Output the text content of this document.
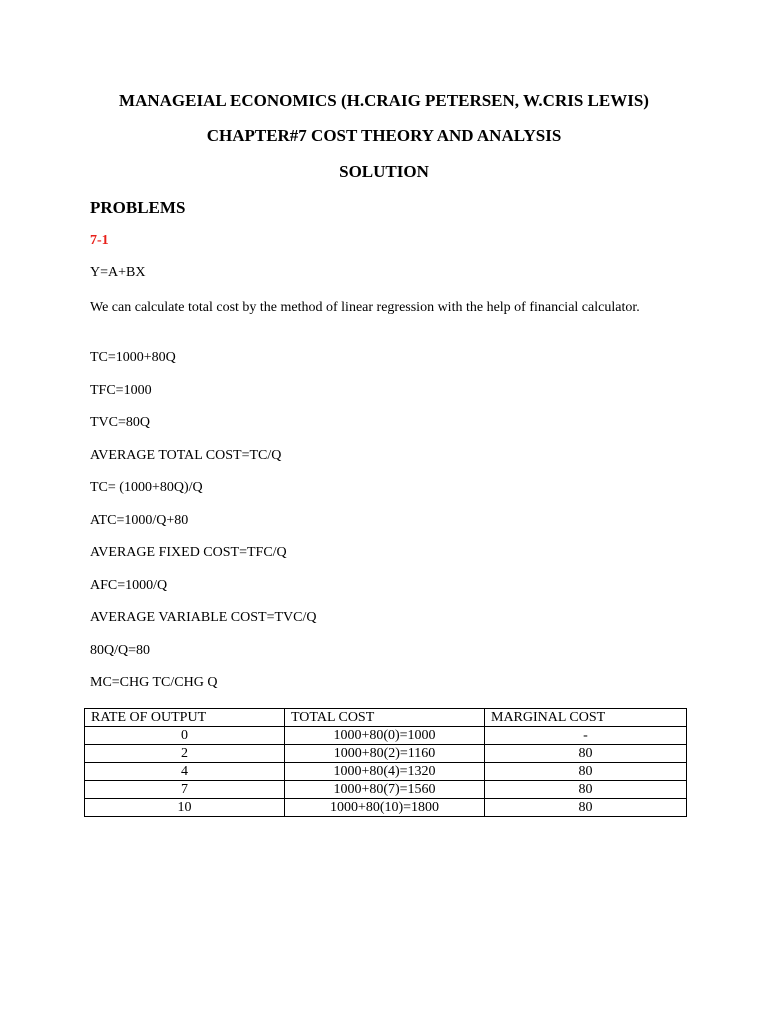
MANAGEIAL ECONOMICS (H.CRAIG PETERSEN, W.CRIS LEWIS)
CHAPTER#7 COST THEORY AND ANALYSIS
SOLUTION
PROBLEMS
7-1
Y=A+BX
We can calculate total cost by the method of linear regression with the help of financial calculator.
TC=1000+80Q
TFC=1000
TVC=80Q
AVERAGE TOTAL COST=TC/Q
TC= (1000+80Q)/Q
ATC=1000/Q+80
AVERAGE FIXED COST=TFC/Q
AFC=1000/Q
AVERAGE VARIABLE COST=TVC/Q
80Q/Q=80
MC=CHG TC/CHG Q
RATE OF OUTPUT	TOTAL COST	MARGINAL COST
0	1000+80(0)=1000	-
2	1000+80(2)=1160	80
4	1000+80(4)=1320	80
7	1000+80(7)=1560	80
10	1000+80(10)=1800	80
